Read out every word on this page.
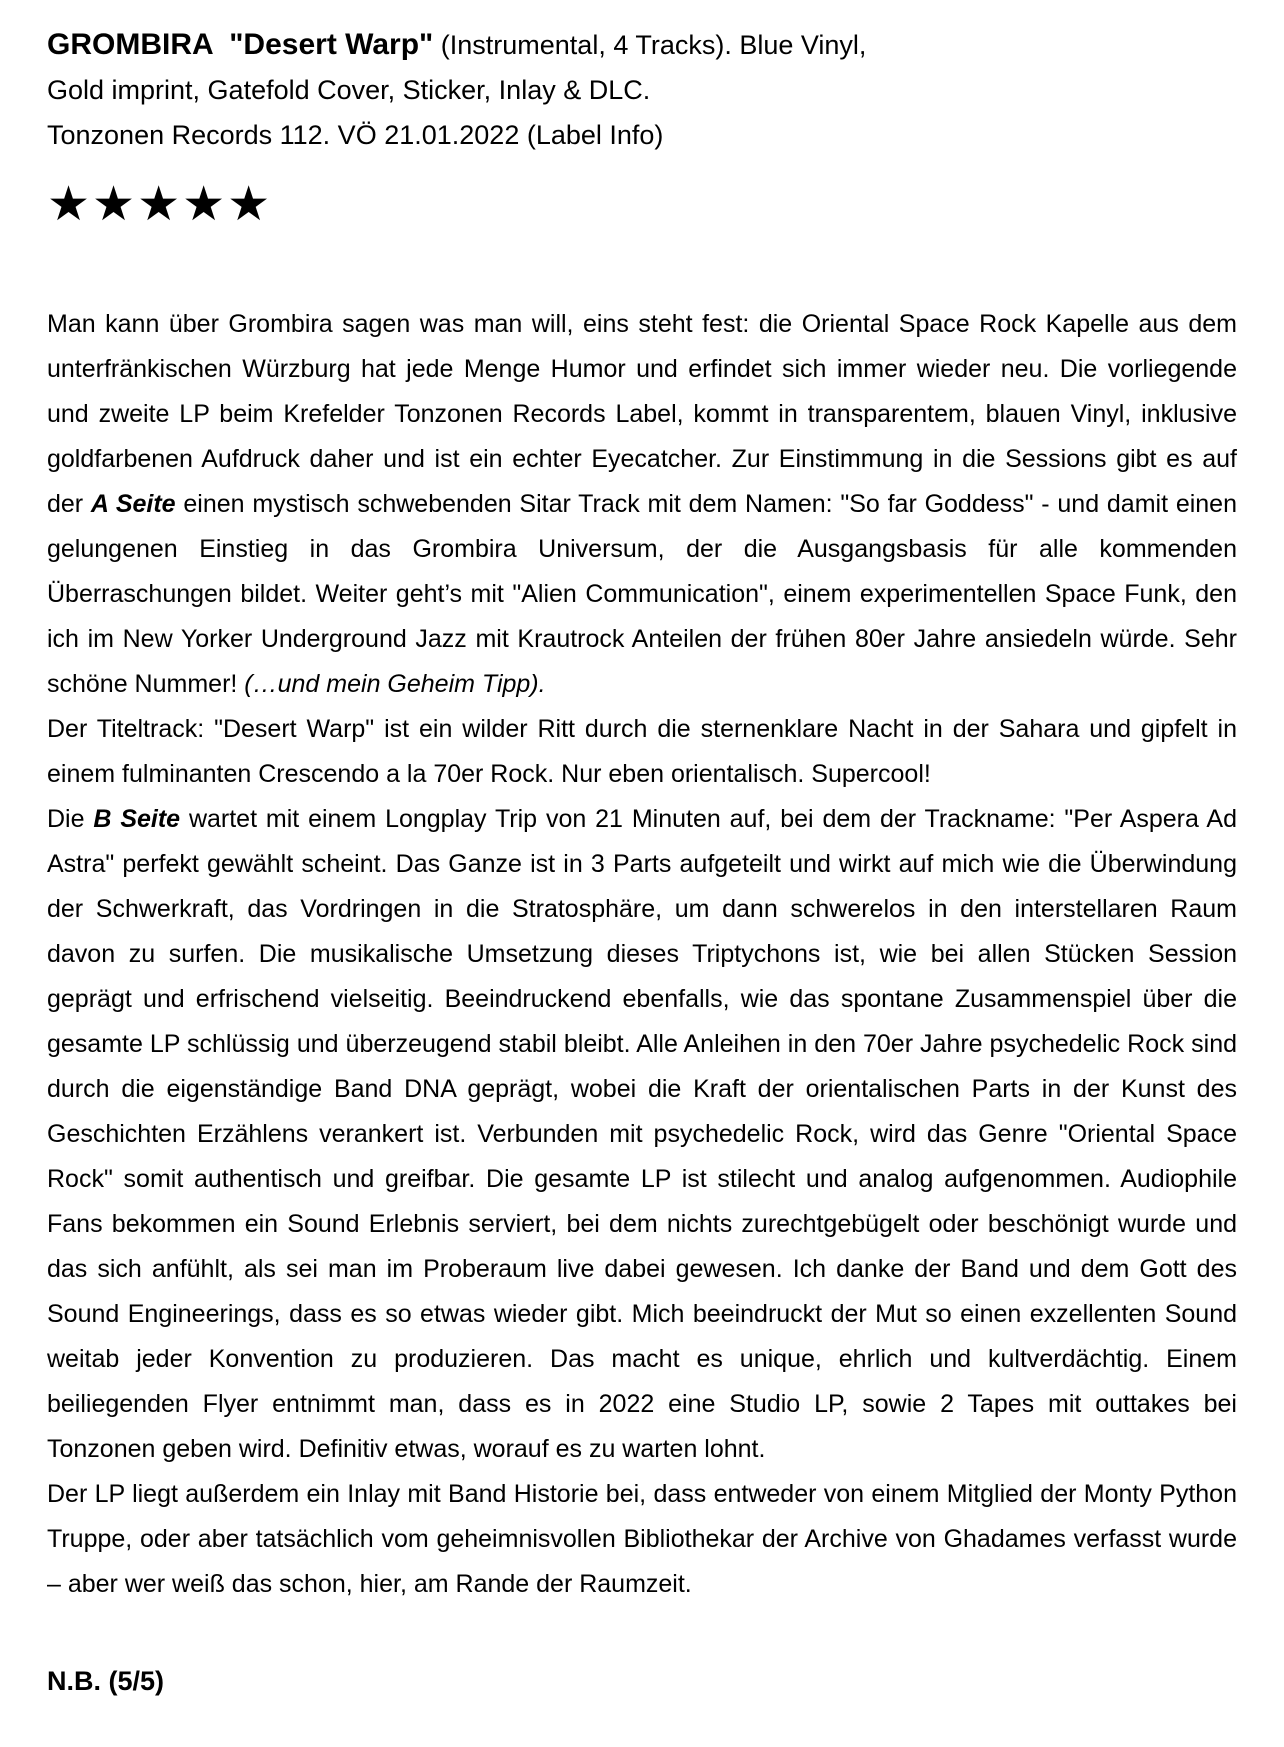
GROMBIRA  "Desert Warp" (Instrumental, 4 Tracks). Blue Vinyl,
Gold imprint, Gatefold Cover, Sticker, Inlay & DLC.
Tonzonen Records 112. VÖ 21.01.2022 (Label Info)

★★★★★

Man kann über Grombira sagen was man will, eins steht fest: die Oriental Space Rock Kapelle aus dem unterfränkischen Würzburg hat jede Menge Humor und erfindet sich immer wieder neu. Die vorliegende und zweite LP beim Krefelder Tonzonen Records Label, kommt in transparentem, blauen Vinyl, inklusive goldfarbenen Aufdruck daher und ist ein echter Eyecatcher. Zur Einstimmung in die Sessions gibt es auf der A Seite einen mystisch schwebenden Sitar Track mit dem Namen: "So far Goddess" - und damit einen gelungenen Einstieg in das Grombira Universum, der die Ausgangsbasis für alle kommenden Überraschungen bildet. Weiter geht’s mit "Alien Communication", einem experimentellen Space Funk, den ich im New Yorker Underground Jazz mit Krautrock Anteilen der frühen 80er Jahre ansiedeln würde. Sehr schöne Nummer! (…und mein Geheim Tipp).

Der Titeltrack: "Desert Warp" ist ein wilder Ritt durch die sternenklare Nacht in der Sahara und gipfelt in einem fulminanten Crescendo a la 70er Rock. Nur eben orientalisch. Supercool!

Die B Seite wartet mit einem Longplay Trip von 21 Minuten auf, bei dem der Trackname: "Per Aspera Ad Astra" perfekt gewählt scheint. Das Ganze ist in 3 Parts aufgeteilt und wirkt auf mich wie die Überwindung der Schwerkraft, das Vordringen in die Stratosphäre, um dann schwerelos in den interstellaren Raum davon zu surfen. Die musikalische Umsetzung dieses Triptychons ist, wie bei allen Stücken Session geprägt und erfrischend vielseitig. Beeindruckend ebenfalls, wie das spontane Zusammenspiel über die gesamte LP schlüssig und überzeugend stabil bleibt. Alle Anleihen in den 70er Jahre psychedelic Rock sind durch die eigenständige Band DNA geprägt, wobei die Kraft der orientalischen Parts in der Kunst des Geschichten Erzählens verankert ist. Verbunden mit psychedelic Rock, wird das Genre "Oriental Space Rock" somit authentisch und greifbar. Die gesamte LP ist stilecht und analog aufgenommen. Audiophile Fans bekommen ein Sound Erlebnis serviert, bei dem nichts zurechtgebügelt oder beschönigt wurde und das sich anfühlt, als sei man im Proberaum live dabei gewesen. Ich danke der Band und dem Gott des Sound Engineerings, dass es so etwas wieder gibt. Mich beeindruckt der Mut so einen exzellenten Sound weitab jeder Konvention zu produzieren. Das macht es unique, ehrlich und kultverdächtig. Einem beiliegenden Flyer entnimmt man, dass es in 2022 eine Studio LP, sowie 2 Tapes mit outtakes bei Tonzonen geben wird. Definitiv etwas, worauf es zu warten lohnt.

Der LP liegt außerdem ein Inlay mit Band Historie bei, dass entweder von einem Mitglied der Monty Python Truppe, oder aber tatsächlich vom geheimnisvollen Bibliothekar der Archive von Ghadames verfasst wurde – aber wer weiß das schon, hier, am Rande der Raumzeit.

N.B. (5/5)
